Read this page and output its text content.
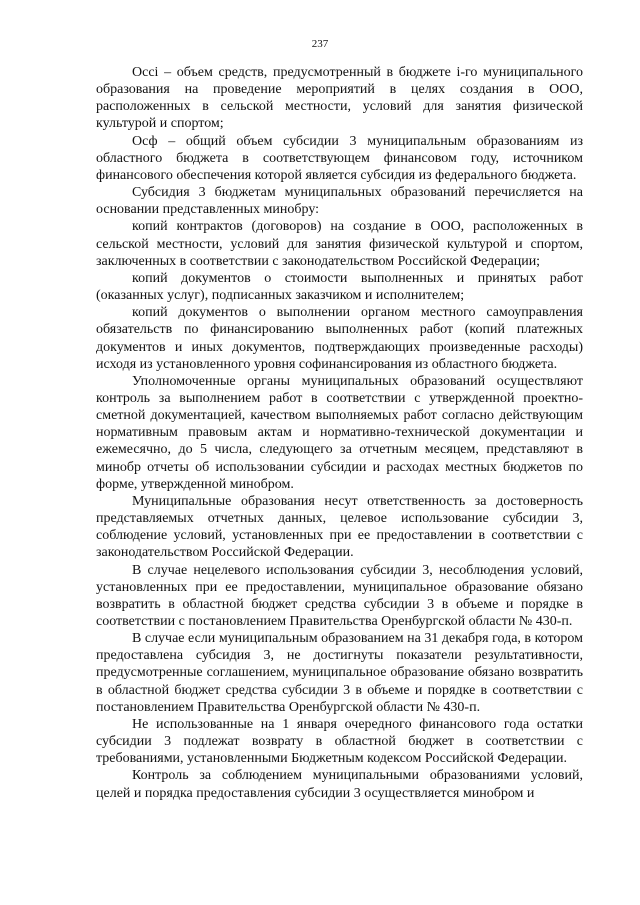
237

Осci – объем средств, предусмотренный в бюджете i-го муниципального образования на проведение мероприятий в целях создания в ООО, расположенных в сельской местности, условий для занятия физической культурой и спортом;

Осф – общий объем субсидии 3 муниципальным образованиям из областного бюджета в соответствующем финансовом году, источником финансового обеспечения которой является субсидия из федерального бюджета.

Субсидия 3 бюджетам муниципальных образований перечисляется на основании представленных минобру:

копий контрактов (договоров) на создание в ООО, расположенных в сельской местности, условий для занятия физической культурой и спортом, заключенных в соответствии с законодательством Российской Федерации;

копий документов о стоимости выполненных и принятых работ (оказанных услуг), подписанных заказчиком и исполнителем;

копий документов о выполнении органом местного самоуправления обязательств по финансированию выполненных работ (копий платежных документов и иных документов, подтверждающих произведенные расходы) исходя из установленного уровня софинансирования из областного бюджета.

Уполномоченные органы муниципальных образований осуществляют контроль за выполнением работ в соответствии с утвержденной проектно-сметной документацией, качеством выполняемых работ согласно действующим нормативным правовым актам и нормативно-технической документации и ежемесячно, до 5 числа, следующего за отчетным месяцем, представляют в минобр отчеты об использовании субсидии и расходах местных бюджетов по форме, утвержденной минобром.

Муниципальные образования несут ответственность за достоверность представляемых отчетных данных, целевое использование субсидии 3, соблюдение условий, установленных при ее предоставлении в соответствии с законодательством Российской Федерации.

В случае нецелевого использования субсидии 3, несоблюдения условий, установленных при ее предоставлении, муниципальное образование обязано возвратить в областной бюджет средства субсидии 3 в объеме и порядке в соответствии с постановлением Правительства Оренбургской области № 430-п.

В случае если муниципальным образованием на 31 декабря года, в котором предоставлена субсидия 3, не достигнуты показатели результативности, предусмотренные соглашением, муниципальное образование обязано возвратить в областной бюджет средства субсидии 3 в объеме и порядке в соответствии с постановлением Правительства Оренбургской области № 430-п.

Не использованные на 1 января очередного финансового года остатки субсидии 3 подлежат возврату в областной бюджет в соответствии с требованиями, установленными Бюджетным кодексом Российской Федерации.

Контроль за соблюдением муниципальными образованиями условий, целей и порядка предоставления субсидии 3 осуществляется минобром и
